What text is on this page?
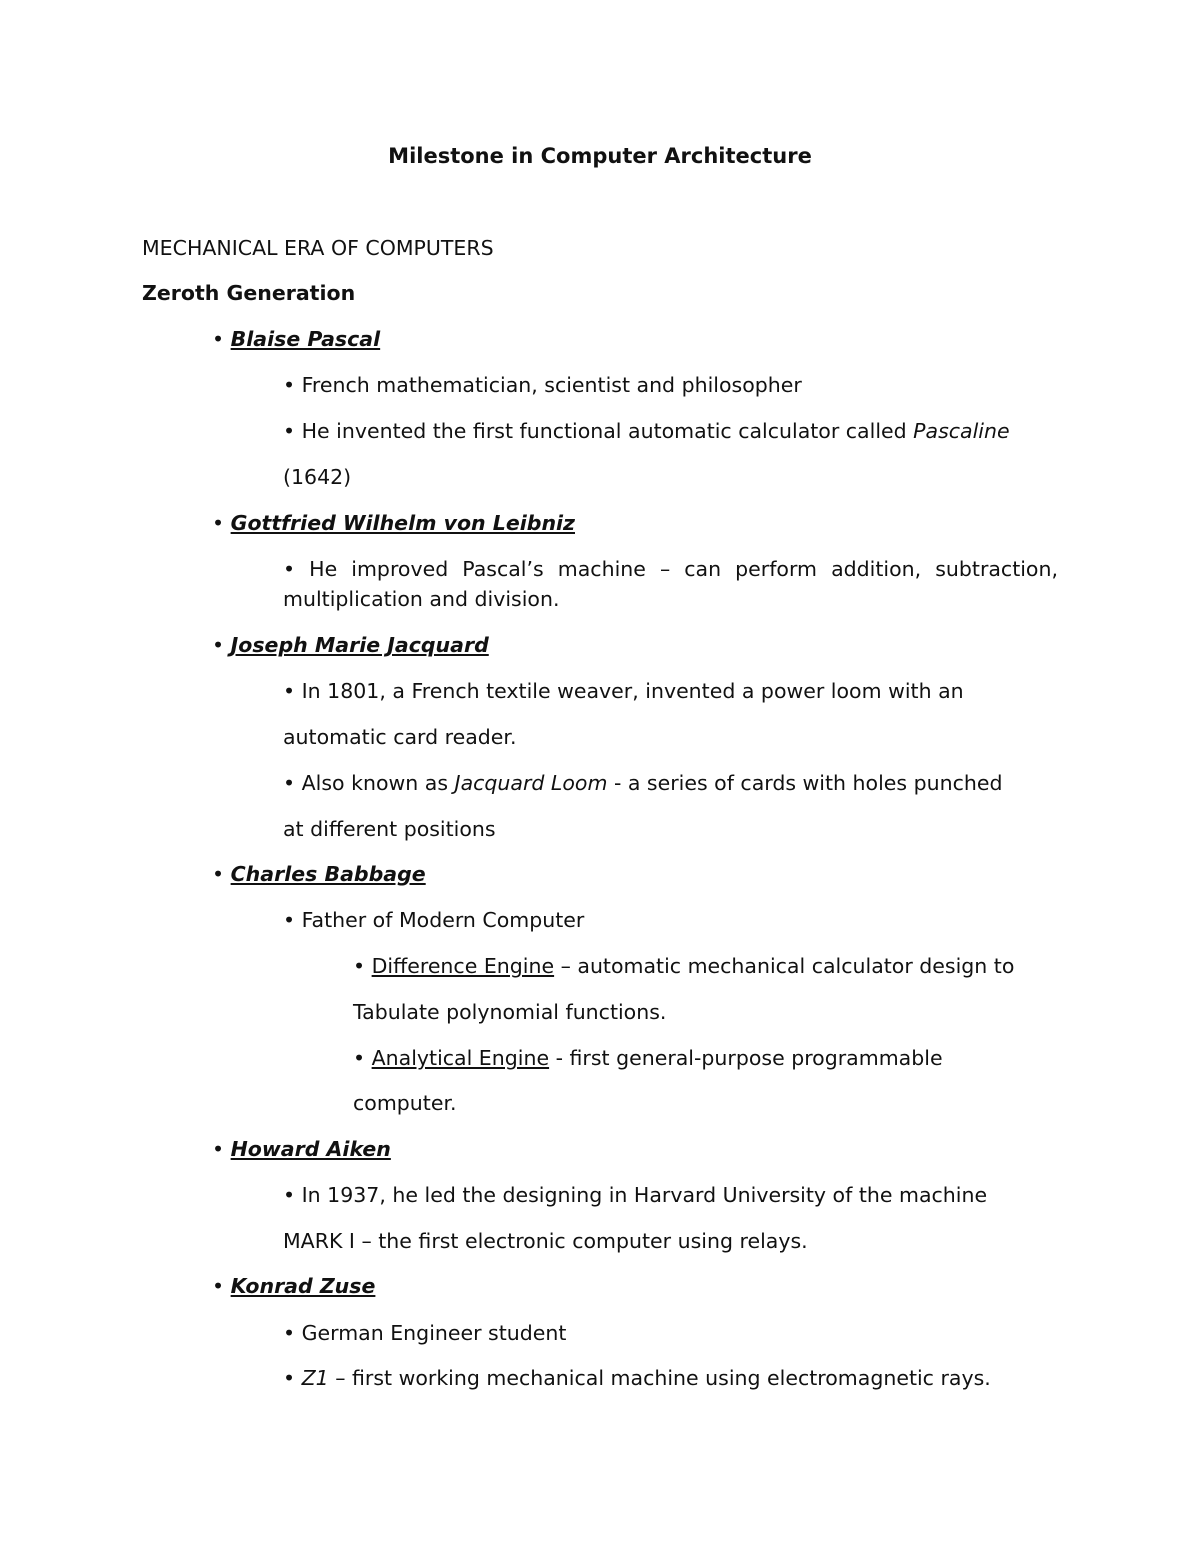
Milestone in Computer Architecture
MECHANICAL ERA OF COMPUTERS
Zeroth Generation
• Blaise Pascal
• French mathematician, scientist and philosopher
• He invented the first functional automatic calculator called Pascaline
(1642)
• Gottfried Wilhelm von Leibniz
• He improved Pascal’s machine – can perform addition, subtraction,
multiplication and division.
• Joseph Marie Jacquard
• In 1801, a French textile weaver, invented a power loom with an
automatic card reader.
• Also known as Jacquard Loom - a series of cards with holes punched
at different positions
• Charles Babbage
• Father of Modern Computer
• Difference Engine – automatic mechanical calculator design to
Tabulate polynomial functions.
• Analytical Engine - first general-purpose programmable
computer.
• Howard Aiken
• In 1937, he led the designing in Harvard University of the machine
MARK I – the first electronic computer using relays.
• Konrad Zuse
• German Engineer student
• Z1 – first working mechanical machine using electromagnetic rays.
